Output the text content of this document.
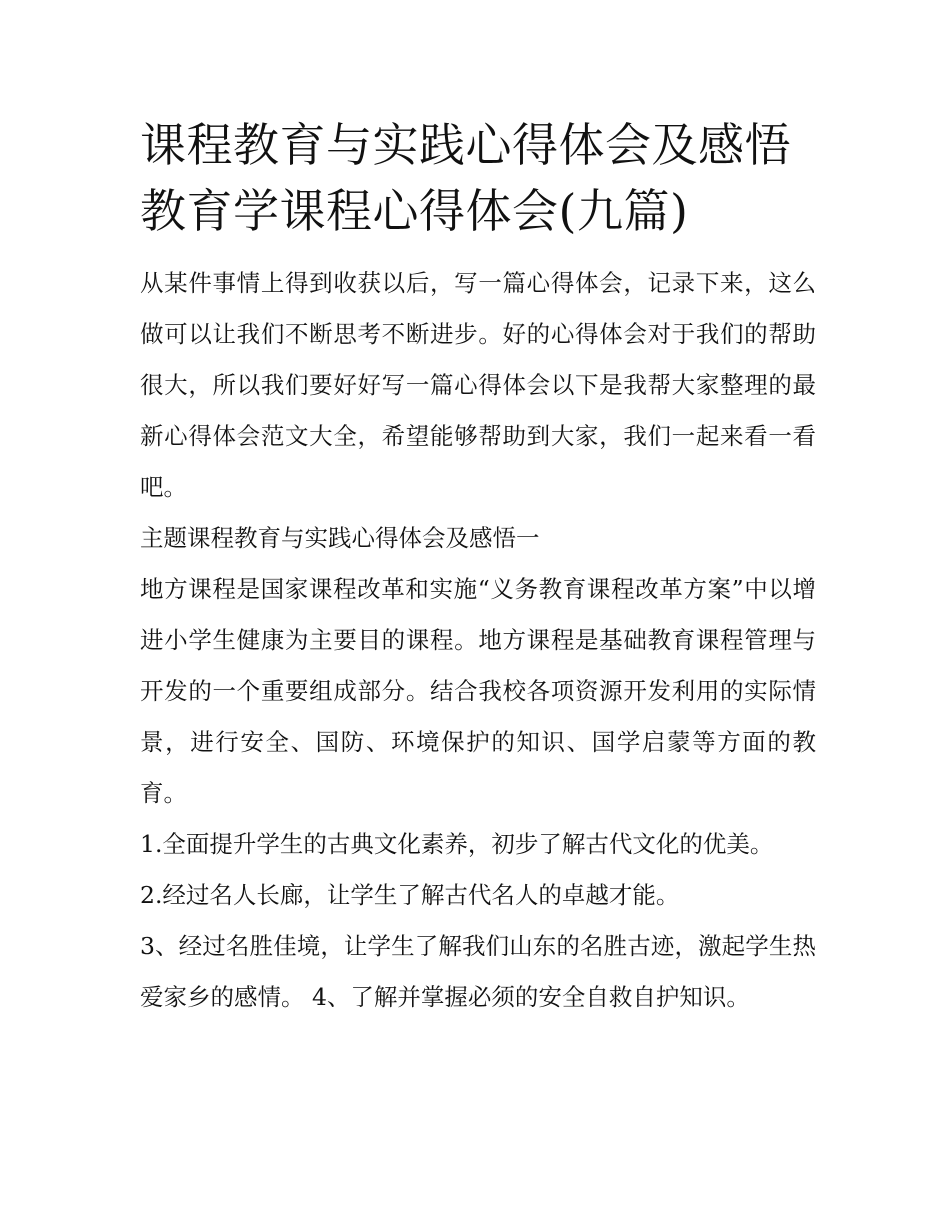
课程教育与实践心得体会及感悟 教育学课程心得体会(九篇)

从某件事情上得到收获以后，写一篇心得体会，记录下来，这么做可以让我们不断思考不断进步。好的心得体会对于我们的帮助很大，所以我们要好好写一篇心得体会以下是我帮大家整理的最新心得体会范文大全，希望能够帮助到大家，我们一起来看一看吧。

主题课程教育与实践心得体会及感悟一

地方课程是国家课程改革和实施“义务教育课程改革方案”中以增进小学生健康为主要目的课程。地方课程是基础教育课程管理与开发的一个重要组成部分。结合我校各项资源开发利用的实际情景，进行安全、国防、环境保护的知识、国学启蒙等方面的教育。

1.全面提升学生的古典文化素养，初步了解古代文化的优美。

2.经过名人长廊，让学生了解古代名人的卓越才能。

3、经过名胜佳境，让学生了解我们山东的名胜古迹，激起学生热爱家乡的感情。 4、了解并掌握必须的安全自救自护知识。
